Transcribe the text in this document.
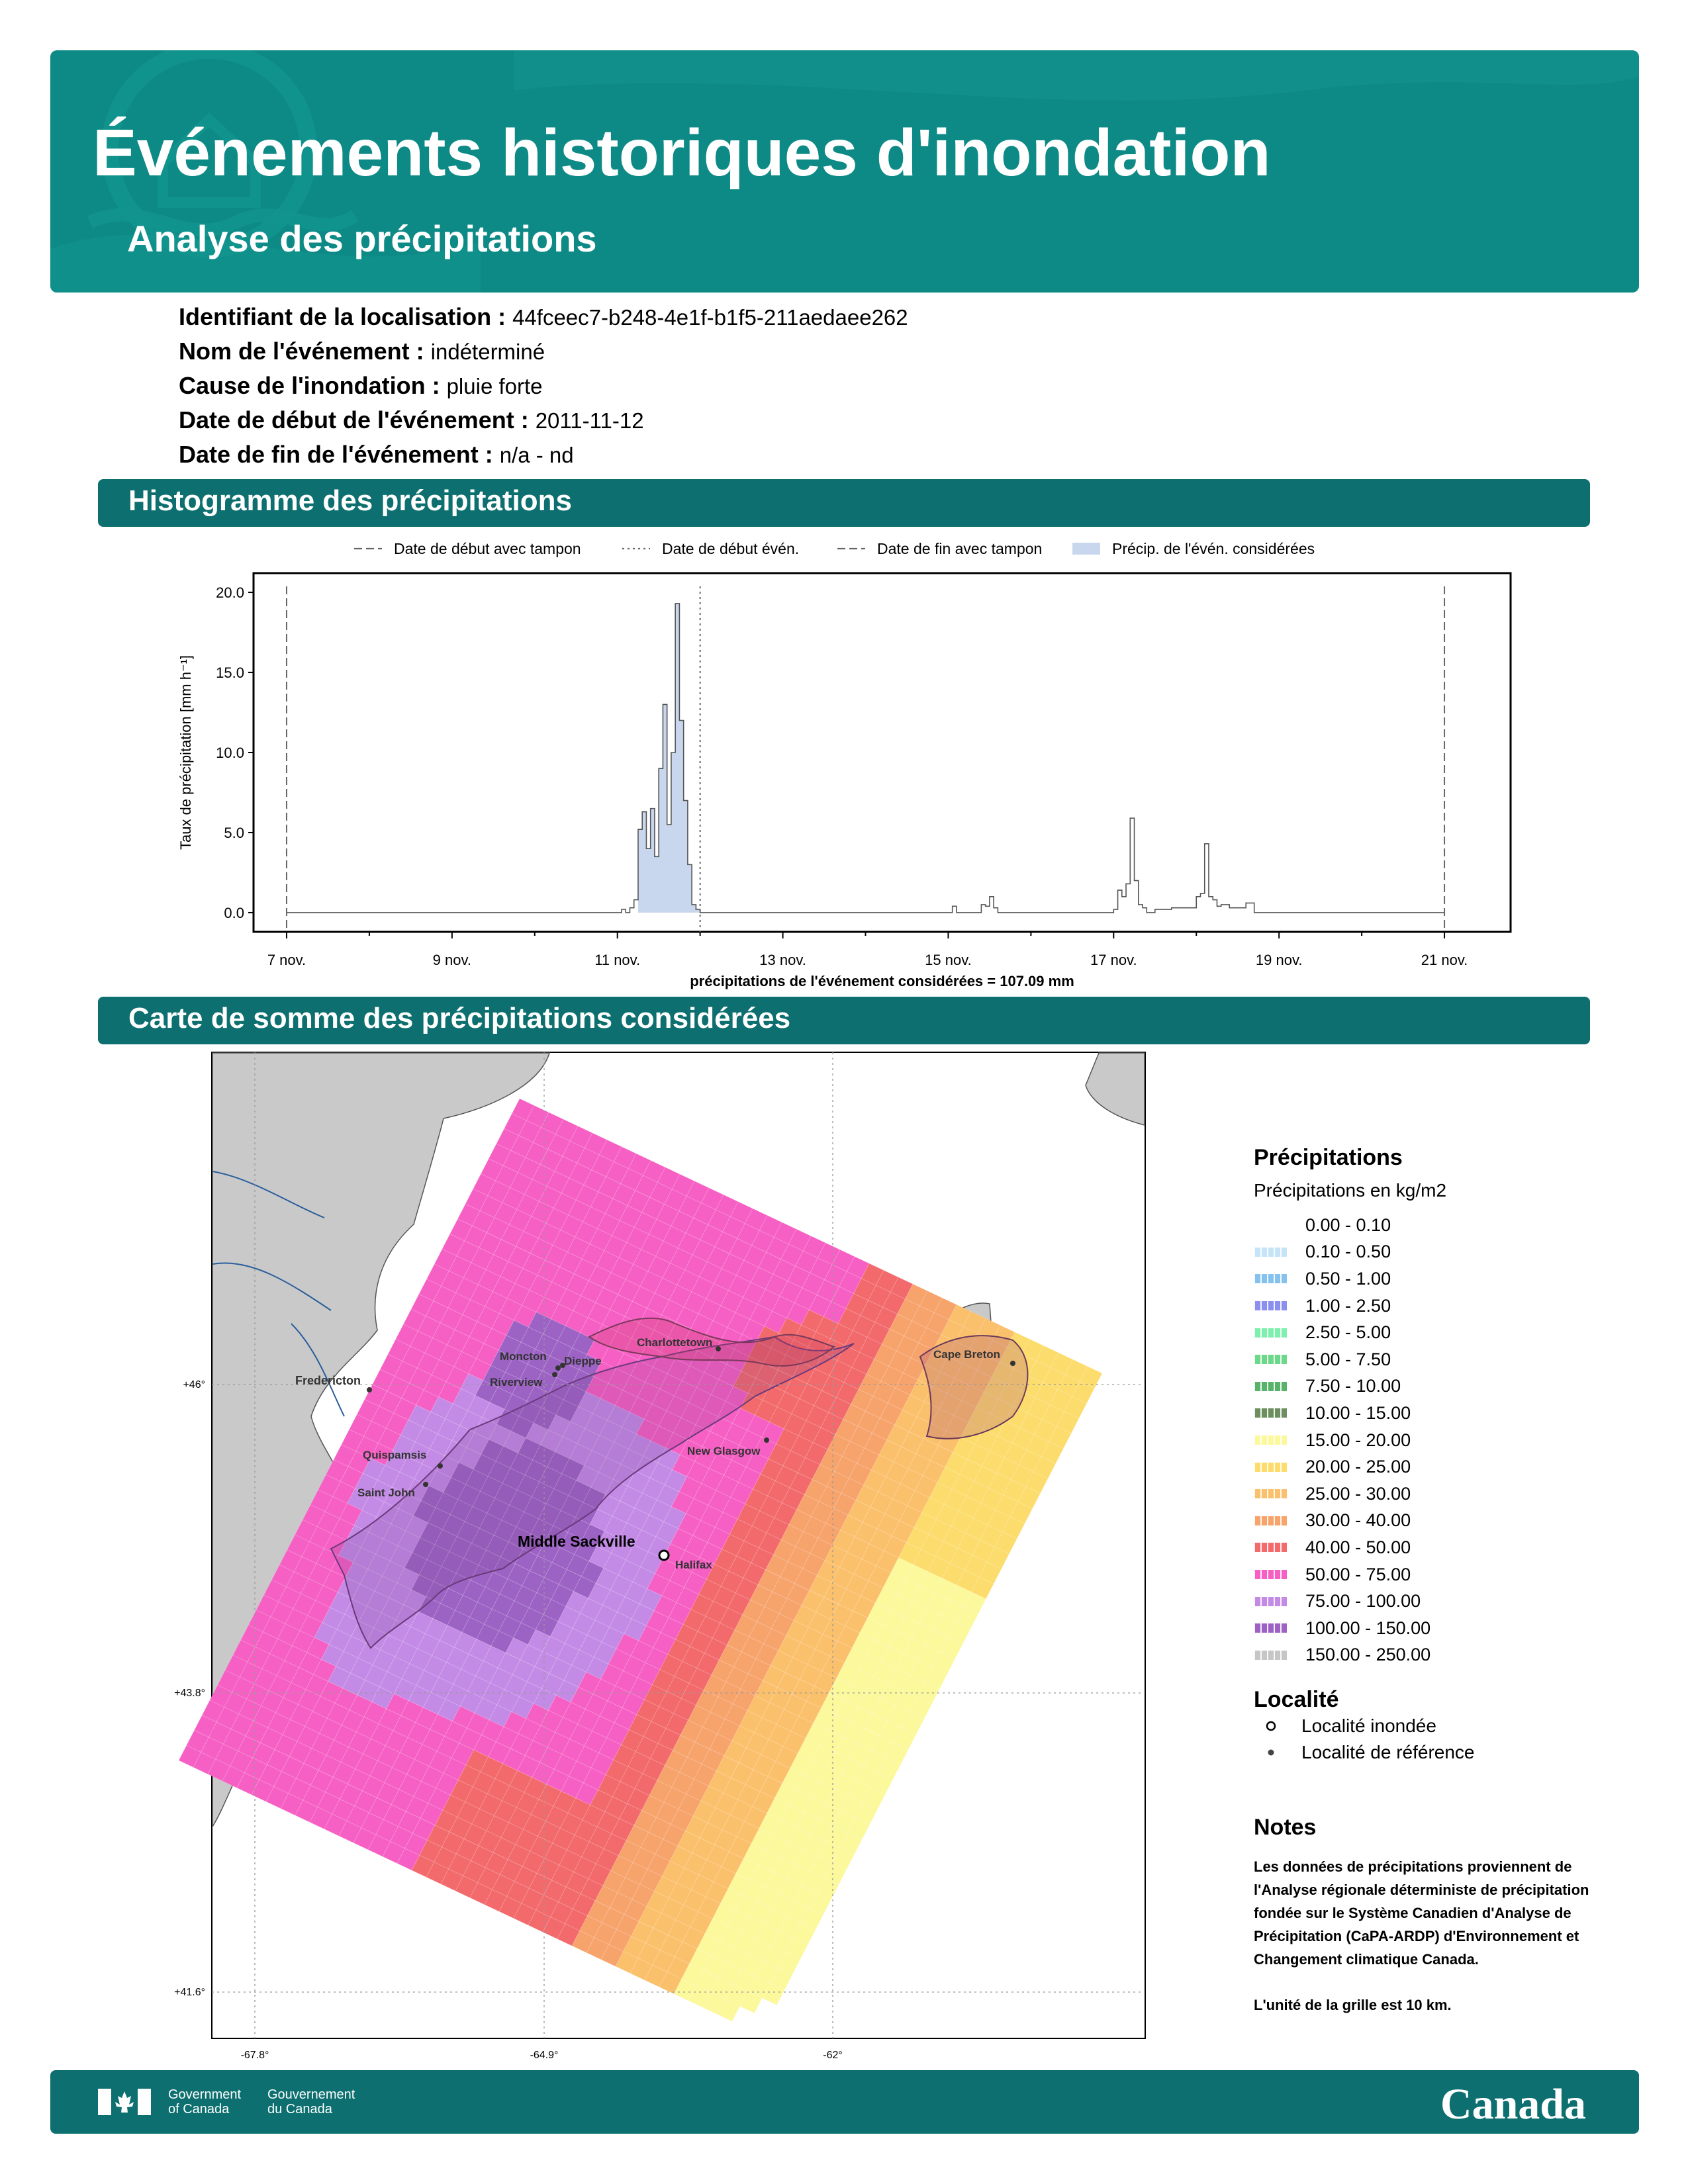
Événements historiques d'inondation
Analyse des précipitations
Identifiant de la localisation : 44fceec7-b248-4e1f-b1f5-211aedaee262
Nom de l'événement : indéterminé
Cause de l'inondation : pluie forte
Date de début de l'événement : 2011-11-12
Date de fin de l'événement : n/a - nd
Histogramme des précipitations
Date de début avec tampon	Date de début évén.	Date de fin avec tampon	Précip. de l'évén. considérées
0.0
5.0
10.0
15.0
20.0
7 nov.	9 nov.	11 nov.	13 nov.	15 nov.	17 nov.	19 nov.	21 nov.
Taux de précipitation [mm h⁻¹]
précipitations de l'événement considérées = 107.09 mm
Carte de somme des précipitations considérées
-67.8°	-64.9°	-62°
+46°
+43.8°
+41.6°
Fredericton
Moncton Dieppe
Riverview
Charlottetown
Cape Breton
Quispamsis
Saint John
New Glasgow
Middle Sackville
Halifax
Précipitations
Précipitations en kg/m2
0.00 - 0.10
0.10 - 0.50
0.50 - 1.00
1.00 - 2.50
2.50 - 5.00
5.00 - 7.50
7.50 - 10.00
10.00 - 15.00
15.00 - 20.00
20.00 - 25.00
25.00 - 30.00
30.00 - 40.00
40.00 - 50.00
50.00 - 75.00
75.00 - 100.00
100.00 - 150.00
150.00 - 250.00
Localité
Localité inondée
Localité de référence
Notes
Les données de précipitations proviennent de l'Analyse régionale déterministe de précipitation fondée sur le Système Canadien d'Analyse de Précipitation (CaPA-ARDP) d'Environnement et Changement climatique Canada.
L'unité de la grille est 10 km.
Government
of Canada
Gouvernement
du Canada	Canada
